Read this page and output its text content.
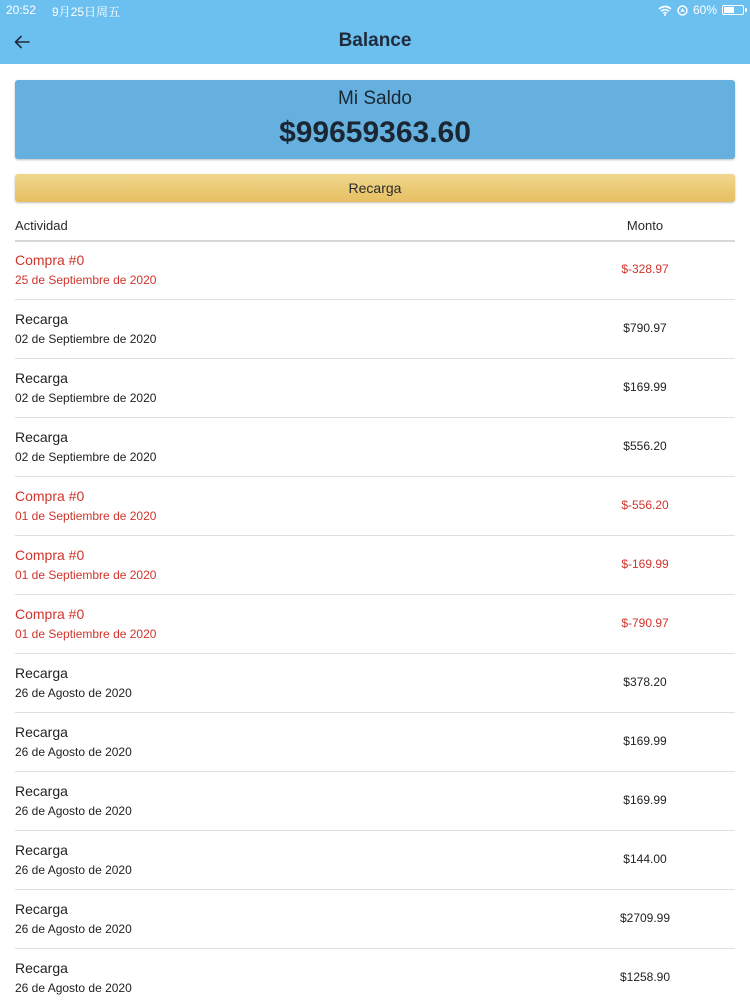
20:52 9月25日周五	60%
Balance
Mi Saldo
$99659363.60
Recarga
Actividad	Monto
Compra #0
25 de Septiembre de 2020
$-328.97
Recarga
02 de Septiembre de 2020
$790.97
Recarga
02 de Septiembre de 2020
$169.99
Recarga
02 de Septiembre de 2020
$556.20
Compra #0
01 de Septiembre de 2020
$-556.20
Compra #0
01 de Septiembre de 2020
$-169.99
Compra #0
01 de Septiembre de 2020
$-790.97
Recarga
26 de Agosto de 2020
$378.20
Recarga
26 de Agosto de 2020
$169.99
Recarga
26 de Agosto de 2020
$169.99
Recarga
26 de Agosto de 2020
$144.00
Recarga
26 de Agosto de 2020
$2709.99
Recarga
26 de Agosto de 2020
$1258.90
